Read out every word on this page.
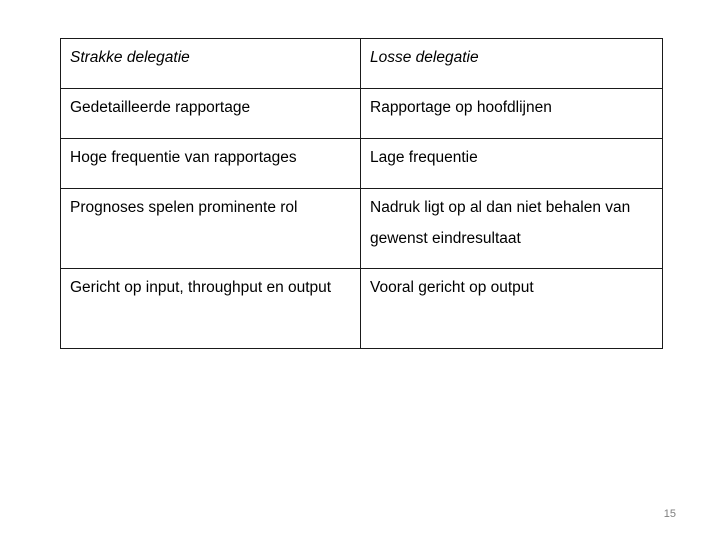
Strakke delegatie	Losse delegatie
Gedetailleerde rapportage	Rapportage op hoofdlijnen
Hoge frequentie van rapportages	Lage frequentie
Prognoses spelen prominente rol	Nadruk ligt op al dan niet behalen van gewenst eindresultaat
Gericht op input, throughput en output	Vooral gericht op output
15
